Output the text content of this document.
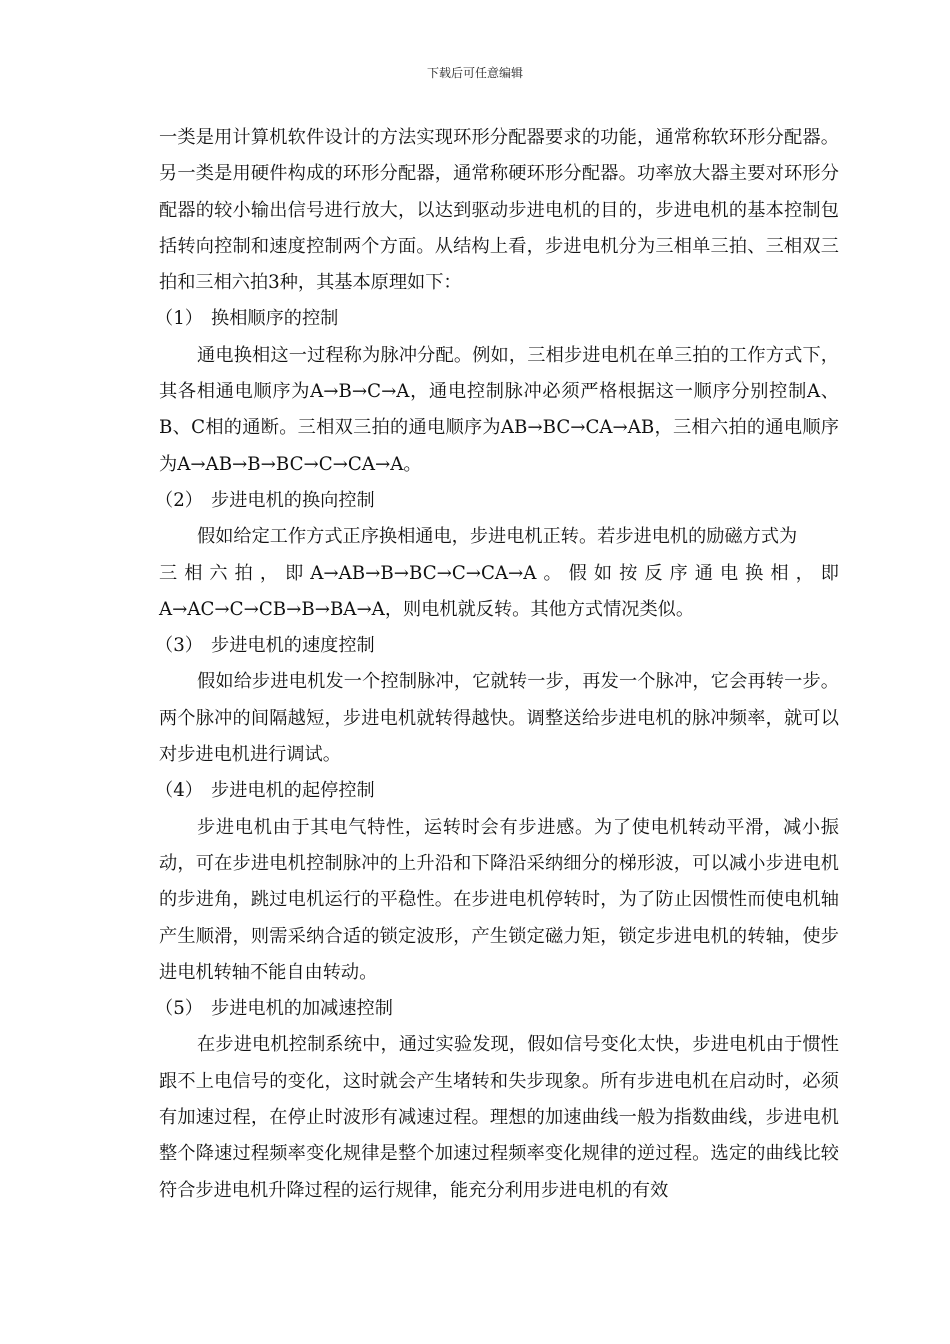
下载后可任意编辑

一类是用计算机软件设计的方法实现环形分配器要求的功能，通常称软环形分配器。另一类是用硬件构成的环形分配器，通常称硬环形分配器。功率放大器主要对环形分配器的较小输出信号进行放大，以达到驱动步进电机的目的，步进电机的基本控制包括转向控制和速度控制两个方面。从结构上看，步进电机分为三相单三拍、三相双三拍和三相六拍3种，其基本原理如下：

（1） 换相顺序的控制

通电换相这一过程称为脉冲分配。例如，三相步进电机在单三拍的工作方式下，其各相通电顺序为A→B→C→A，通电控制脉冲必须严格根据这一顺序分别控制A、B、C相的通断。三相双三拍的通电顺序为AB→BC→CA→AB，三相六拍的通电顺序为A→AB→B→BC→C→CA→A。

（2） 步进电机的换向控制

假如给定工作方式正序换相通电，步进电机正转。若步进电机的励磁方式为

三相六拍，即A→AB→B→BC→C→CA→A。假如按反序通电换相，即

A→AC→C→CB→B→BA→A，则电机就反转。其他方式情况类似。

（3） 步进电机的速度控制

假如给步进电机发一个控制脉冲，它就转一步，再发一个脉冲，它会再转一步。两个脉冲的间隔越短，步进电机就转得越快。调整送给步进电机的脉冲频率，就可以对步进电机进行调试。

（4） 步进电机的起停控制

步进电机由于其电气特性，运转时会有步进感。为了使电机转动平滑，减小振动，可在步进电机控制脉冲的上升沿和下降沿采纳细分的梯形波，可以减小步进电机的步进角，跳过电机运行的平稳性。在步进电机停转时，为了防止因惯性而使电机轴产生顺滑，则需采纳合适的锁定波形，产生锁定磁力矩，锁定步进电机的转轴，使步进电机转轴不能自由转动。

（5） 步进电机的加减速控制

在步进电机控制系统中，通过实验发现，假如信号变化太快，步进电机由于惯性跟不上电信号的变化，这时就会产生堵转和失步现象。所有步进电机在启动时，必须有加速过程，在停止时波形有减速过程。理想的加速曲线一般为指数曲线，步进电机整个降速过程频率变化规律是整个加速过程频率变化规律的逆过程。选定的曲线比较符合步进电机升降过程的运行规律，能充分利用步进电机的有效
